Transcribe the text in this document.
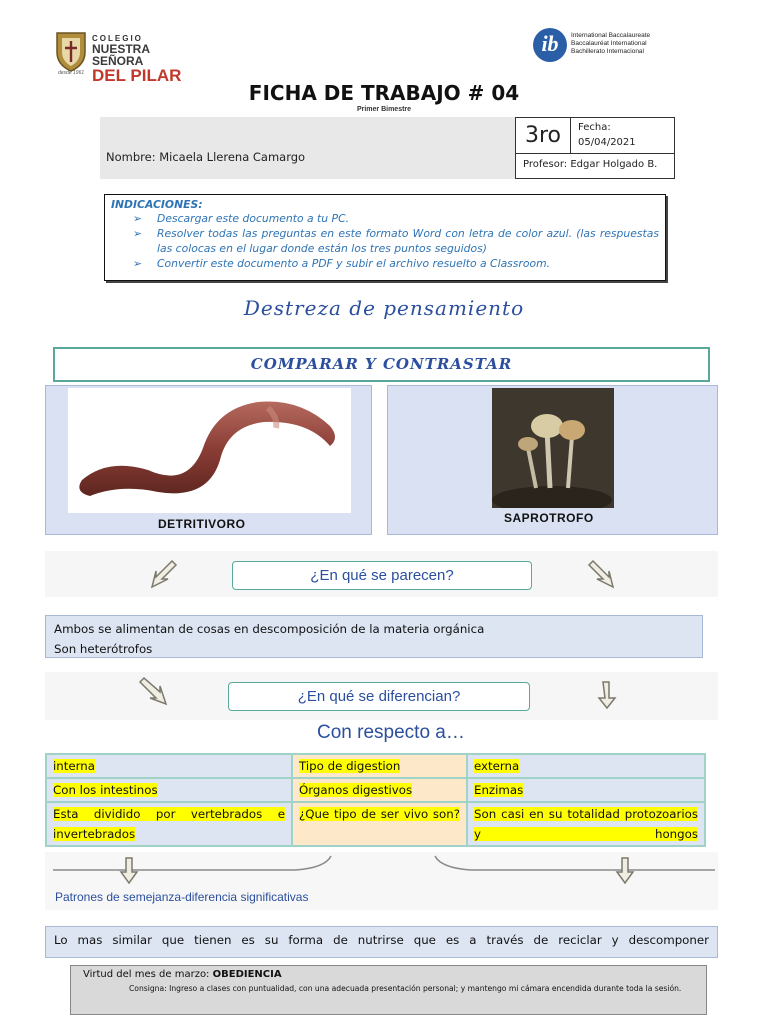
COLEGIO
NUESTRA SEÑORA
DEL PILAR
desde 1961
ib	International Baccalaureate
Baccalauréat International
Bachillerato Internacional
FICHA DE TRABAJO # 04
Primer Bimestre
Nombre: Micaela Llerena Camargo
3ro	Fecha:
05/04/2021
Profesor: Edgar Holgado B.
INDICACIONES:
➢ Descargar este documento a tu PC.
➢ Resolver todas las preguntas en este formato Word con letra de color azul. (las respuestas las colocas en el lugar donde están los tres puntos seguidos)
➢ Convertir este documento a PDF y subir el archivo resuelto a Classroom.
Destreza de pensamiento
COMPARAR Y CONTRASTAR
DETRITIVORO	SAPROTROFO
¿En qué se parecen?
Ambos se alimentan de cosas en descomposición de la materia orgánica
Son heterótrofos
¿En qué se diferencian?
Con respecto a…
interna	Tipo de digestion	externa
Con los intestinos	Órganos digestivos	Enzimas

Esta dividido por vertebrados e invertebrados	¿Que tipo de ser vivo son?	Son casi en su totalidad protozoarios y hongos
Patrones de semejanza-diferencia significativas
Lo mas similar que tienen es su forma de nutrirse que es a través de reciclar y descomponer
Virtud del mes de marzo: OBEDIENCIA
Consigna: Ingreso a clases con puntualidad, con una adecuada presentación personal; y mantengo mi cámara encendida durante toda la sesión.
